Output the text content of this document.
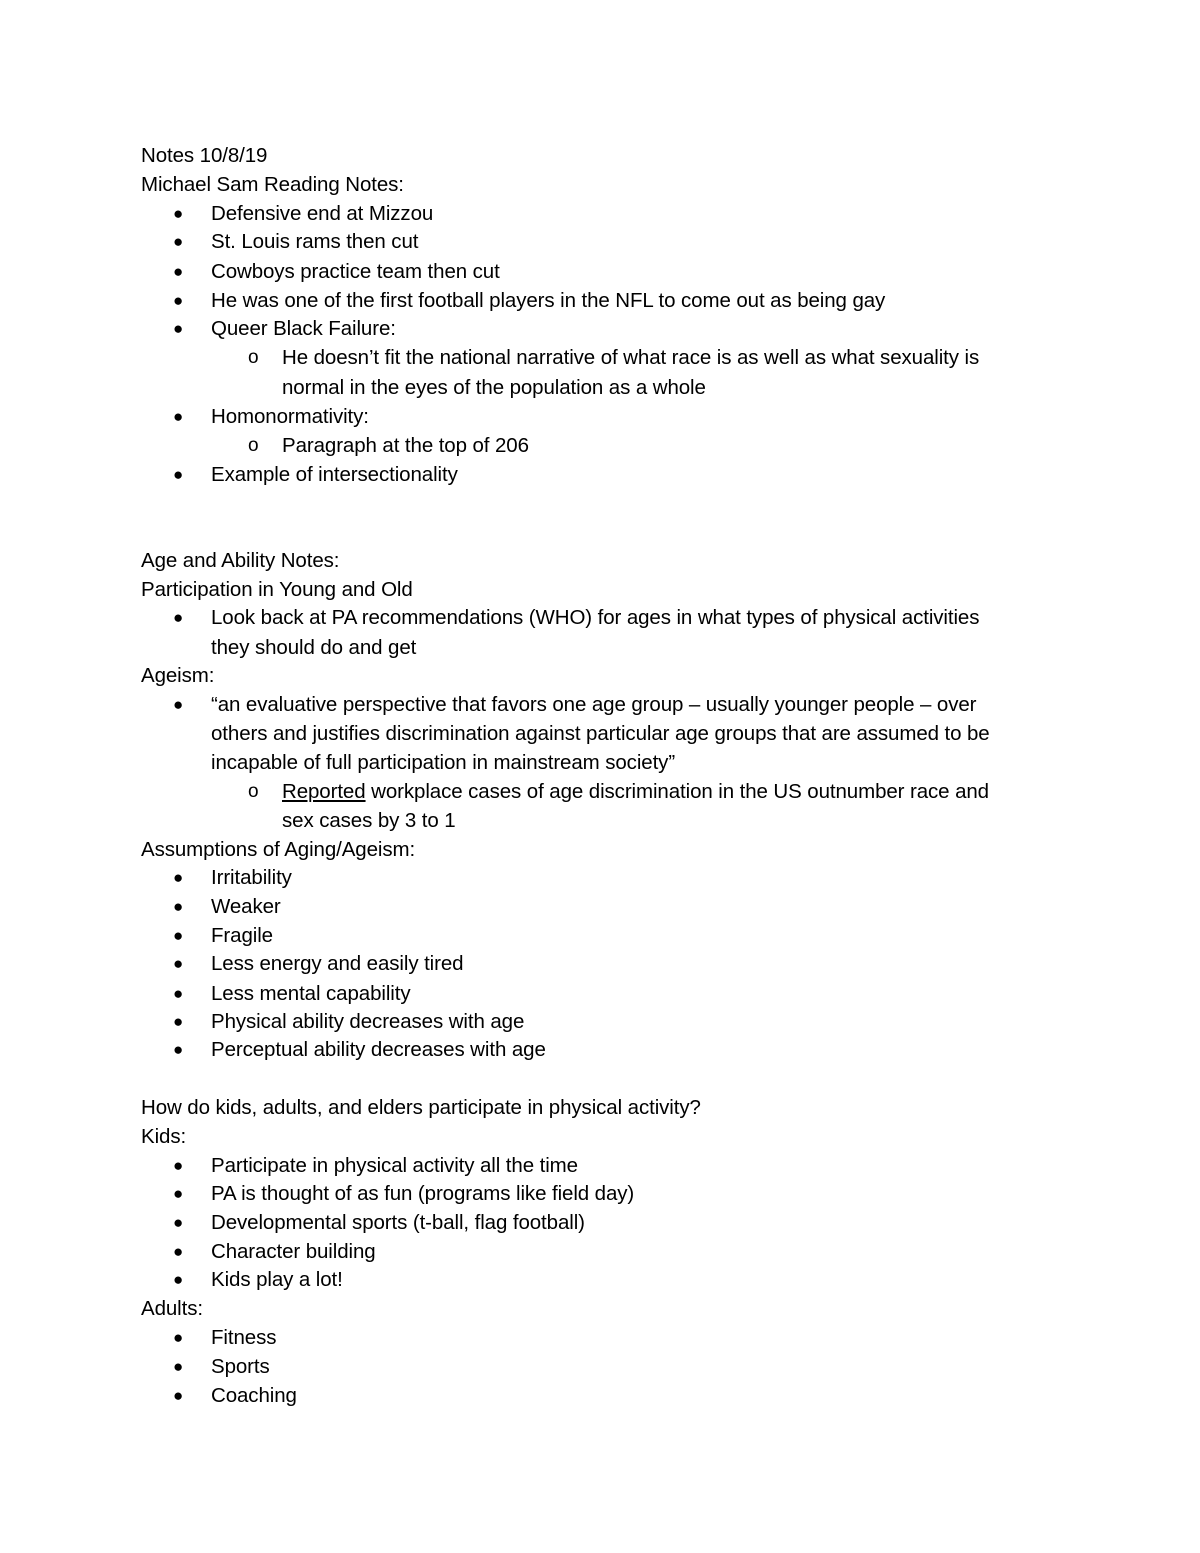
Notes 10/8/19
Michael Sam Reading Notes:
● Defensive end at Mizzou
● St. Louis rams then cut
● Cowboys practice team then cut
● He was one of the first football players in the NFL to come out as being gay
● Queer Black Failure:
o He doesn’t fit the national narrative of what race is as well as what sexuality is
normal in the eyes of the population as a whole
● Homonormativity:
o Paragraph at the top of 206
● Example of intersectionality
Age and Ability Notes:
Participation in Young and Old
● Look back at PA recommendations (WHO) for ages in what types of physical activities
they should do and get
Ageism:
● “an evaluative perspective that favors one age group – usually younger people – over
others and justifies discrimination against particular age groups that are assumed to be
incapable of full participation in mainstream society”
o Reported workplace cases of age discrimination in the US outnumber race and
sex cases by 3 to 1
Assumptions of Aging/Ageism:
● Irritability
● Weaker
● Fragile
● Less energy and easily tired
● Less mental capability
● Physical ability decreases with age
● Perceptual ability decreases with age
How do kids, adults, and elders participate in physical activity?
Kids:
● Participate in physical activity all the time
● PA is thought of as fun (programs like field day)
● Developmental sports (t-ball, flag football)
● Character building
● Kids play a lot!
Adults:
● Fitness
● Sports
● Coaching
